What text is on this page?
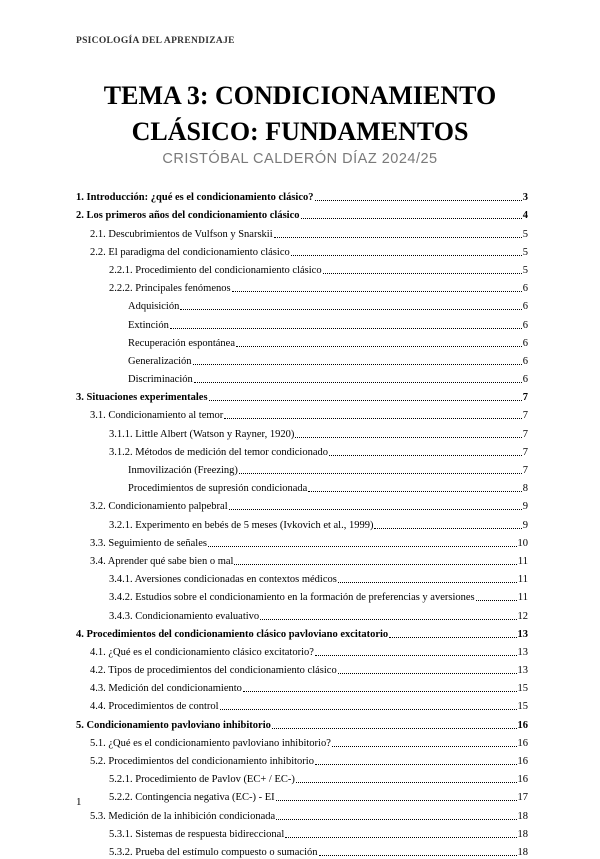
PSICOLOGÍA DEL APRENDIZAJE
TEMA 3: CONDICIONAMIENTO
CLÁSICO: FUNDAMENTOS
CRISTÓBAL CALDERÓN DÍAZ 2024/25
1. Introducción: ¿qué es el condicionamiento clásico?	3
2. Los primeros años del condicionamiento clásico	4
2.1. Descubrimientos de Vulfson y Snarskii	5
2.2. El paradigma del condicionamiento clásico	5
2.2.1. Procedimiento del condicionamiento clásico	5
2.2.2. Principales fenómenos	6
Adquisición	6
Extinción	6
Recuperación espontánea	6
Generalización	6
Discriminación	6
3. Situaciones experimentales	7
3.1. Condicionamiento al temor	7
3.1.1. Little Albert (Watson y Rayner, 1920)	7
3.1.2. Métodos de medición del temor condicionado	7
Inmovilización (Freezing)	7
Procedimientos de supresión condicionada	8
3.2. Condicionamiento palpebral	9
3.2.1. Experimento en bebés de 5 meses (Ivkovich et al., 1999)	9
3.3. Seguimiento de señales	10
3.4. Aprender qué sabe bien o mal	11
3.4.1. Aversiones condicionadas en contextos médicos	11
3.4.2. Estudios sobre el condicionamiento en la formación de preferencias y aversiones	11
3.4.3. Condicionamiento evaluativo	12
4. Procedimientos del condicionamiento clásico pavloviano excitatorio	13
4.1. ¿Qué es el condicionamiento clásico excitatorio?	13
4.2. Tipos de procedimientos del condicionamiento clásico	13
4.3. Medición del condicionamiento	15
4.4. Procedimientos de control	15
5. Condicionamiento pavloviano inhibitorio	16
5.1. ¿Qué es el condicionamiento pavloviano inhibitorio?	16
5.2. Procedimientos del condicionamiento inhibitorio	16
5.2.1. Procedimiento de Pavlov (EC+ / EC-)	16
5.2.2. Contingencia negativa (EC-) - EI	17
5.3. Medición de la inhibición condicionada	18
5.3.1. Sistemas de respuesta bidireccional	18
5.3.2. Prueba del estímulo compuesto o sumación	18
1
